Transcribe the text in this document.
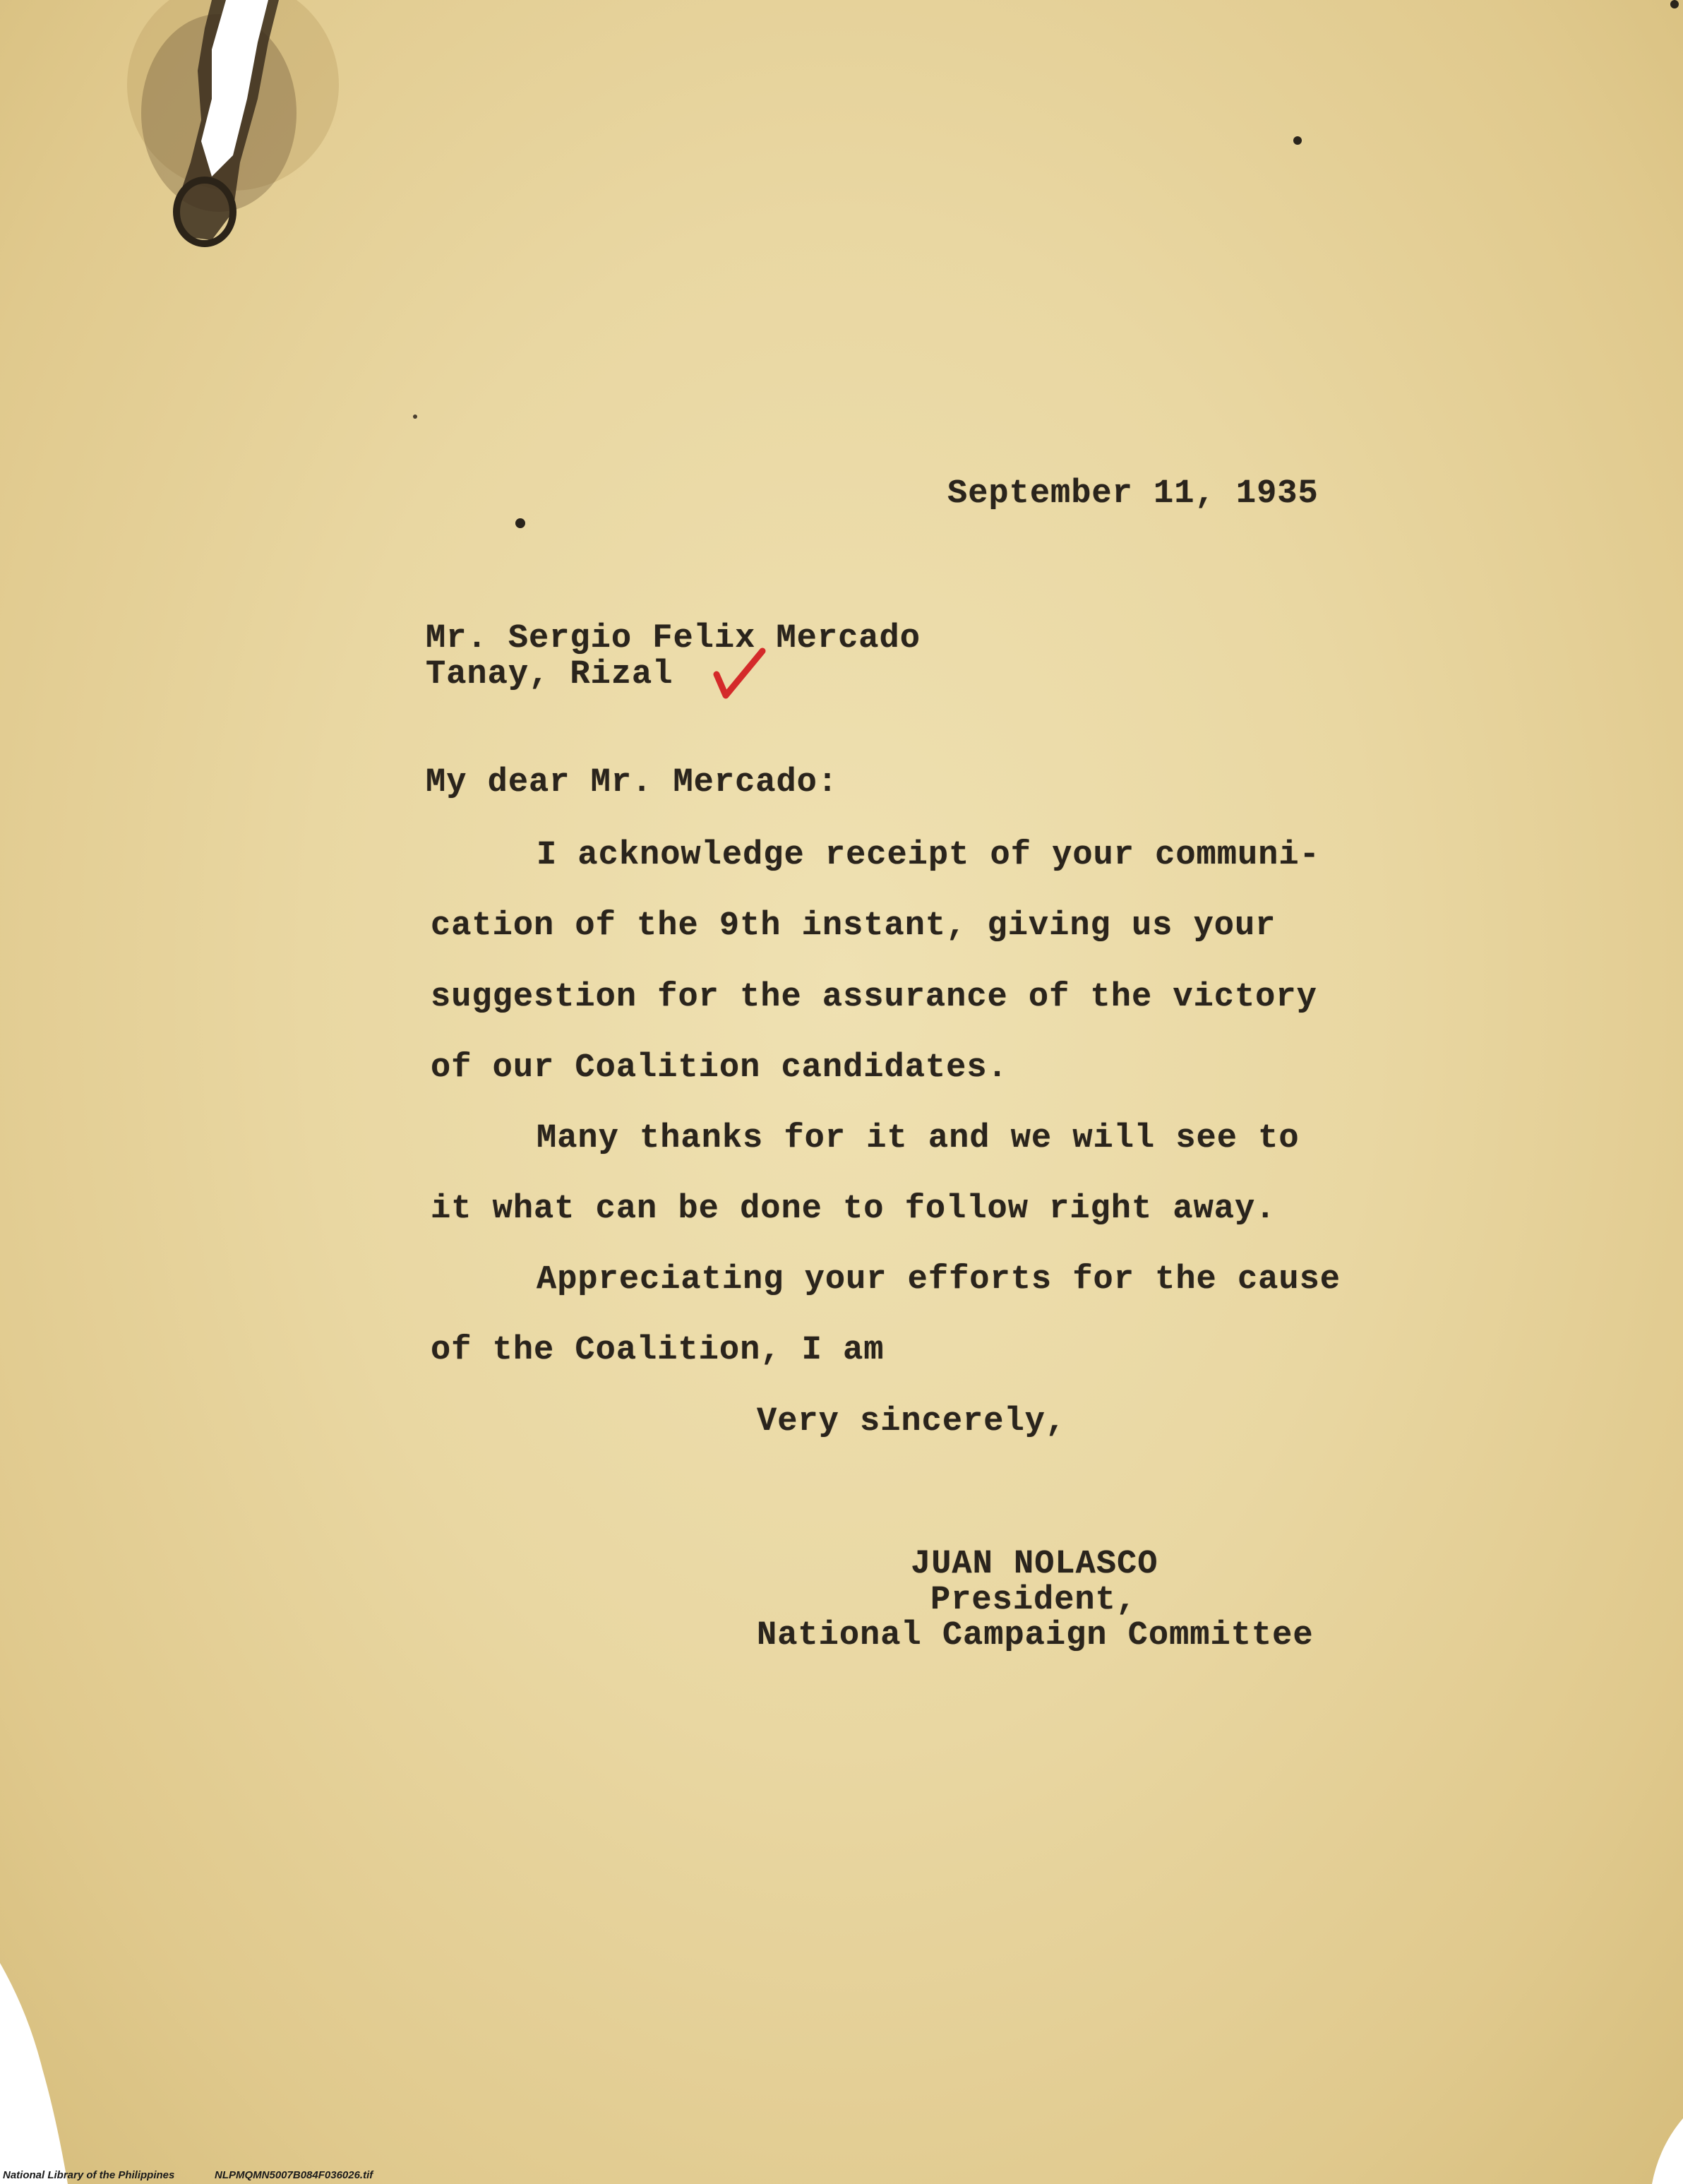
September 11, 1935
Mr. Sergio Felix Mercado
Tanay, Rizal
My dear Mr. Mercado:
I acknowledge receipt of your communi-
cation of the 9th instant, giving us your
suggestion for the assurance of the victory
of our Coalition candidates.
Many thanks for it and we will see to
it what can be done to follow right away.
Appreciating your efforts for the cause
of the Coalition, I am
Very sincerely,
JUAN NOLASCO
President,
National Campaign Committee
National Library of the Philippines	NLPMQMN5007B084F036026.tif
